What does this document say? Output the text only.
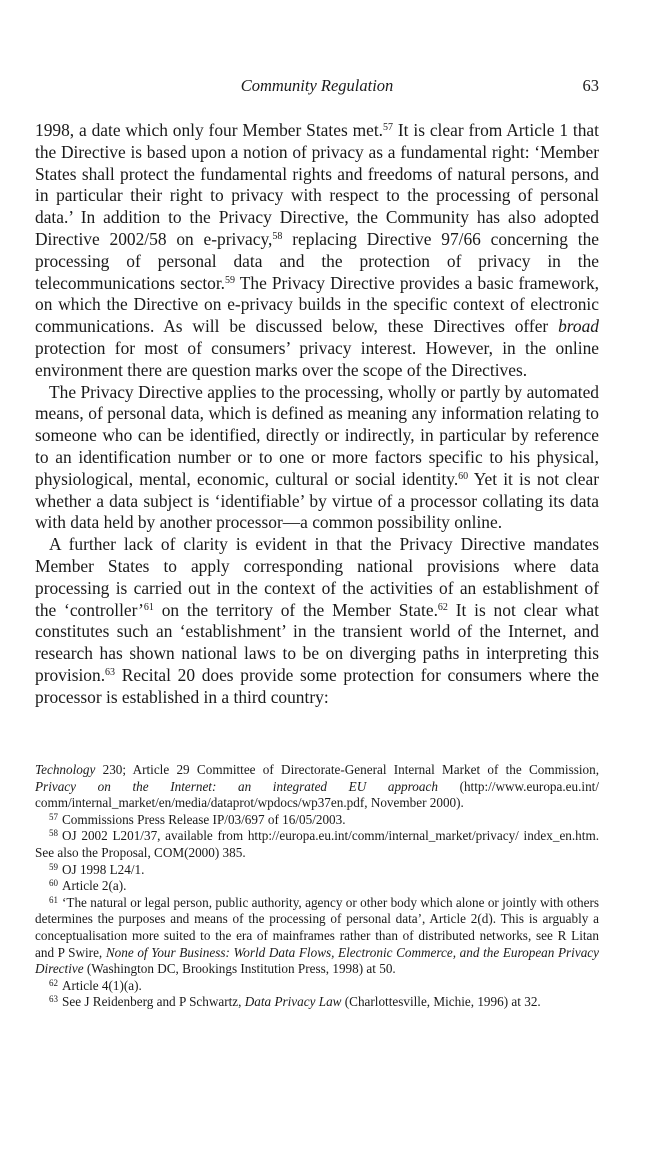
Community Regulation	63

1998, a date which only four Member States met.$^{57}$ It is clear from Article 1 that the Directive is based upon a notion of privacy as a fundamental right: ‘Member States shall protect the fundamental rights and freedoms of natural persons, and in particular their right to privacy with respect to the processing of personal data.’ In addition to the Privacy Directive, the Community has also adopted Directive 2002/58 on e-privacy,$^{58}$ replacing Directive 97/66 concerning the processing of personal data and the protection of privacy in the telecommunications sector.$^{59}$ The Privacy Directive provides a basic framework, on which the Directive on e-privacy builds in the specific context of electronic communications. As will be discussed below, these Directives offer broad protection for most of consumers’ privacy interest. However, in the online environment there are question marks over the scope of the Directives.

The Privacy Directive applies to the processing, wholly or partly by automated means, of personal data, which is defined as meaning any information relating to someone who can be identified, directly or indirectly, in particular by reference to an identification number or to one or more factors specific to his physical, physiological, mental, economic, cultural or social identity.$^{60}$ Yet it is not clear whether a data subject is ‘identifiable’ by virtue of a processor collating its data with data held by another processor—a common possibility online.

A further lack of clarity is evident in that the Privacy Directive mandates Member States to apply corresponding national provisions where data processing is carried out in the context of the activities of an establishment of the ‘controller’$^{61}$ on the territory of the Member State.$^{62}$ It is not clear what constitutes such an ‘establishment’ in the transient world of the Internet, and research has shown national laws to be on diverging paths in interpreting this provision.$^{63}$ Recital 20 does provide some protection for consumers where the processor is established in a third country:

Technology 230; Article 29 Committee of Directorate-General Internal Market of the Commission, Privacy on the Internet: an integrated EU approach (http://www.europa.eu.int/ comm/internal_market/en/media/dataprot/wpdocs/wp37en.pdf, November 2000).

$^{57}$ Commissions Press Release IP/03/697 of 16/05/2003.

$^{58}$ OJ 2002 L201/37, available from http://europa.eu.int/comm/internal_market/privacy/ index_en.htm. See also the Proposal, COM(2000) 385.

$^{59}$ OJ 1998 L24/1.

$^{60}$ Article 2(a).

$^{61}$ ‘The natural or legal person, public authority, agency or other body which alone or jointly with others determines the purposes and means of the processing of personal data’, Article 2(d). This is arguably a conceptualisation more suited to the era of mainframes rather than of distributed networks, see R Litan and P Swire, None of Your Business: World Data Flows, Electronic Commerce, and the European Privacy Directive (Washington DC, Brookings Institution Press, 1998) at 50.

$^{62}$ Article 4(1)(a).

$^{63}$ See J Reidenberg and P Schwartz, Data Privacy Law (Charlottesville, Michie, 1996) at 32.
